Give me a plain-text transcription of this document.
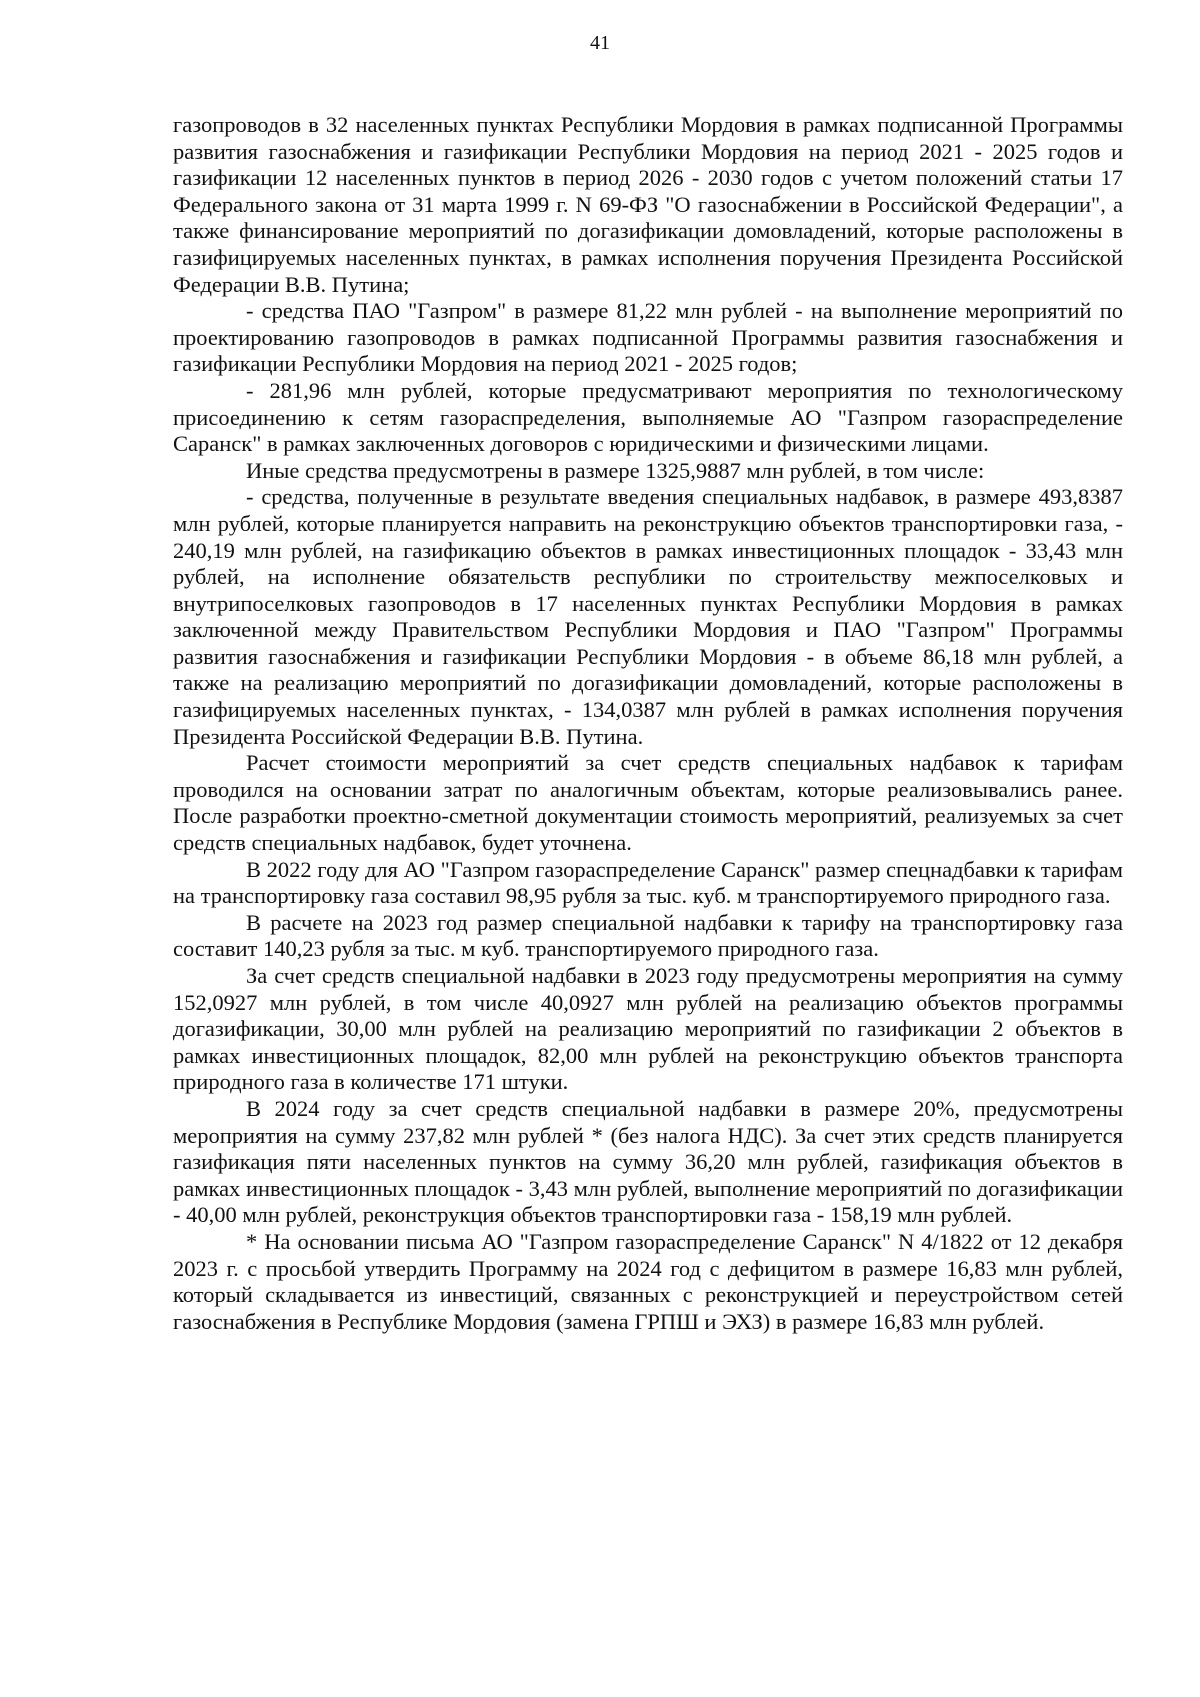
41

газопроводов в 32 населенных пунктах Республики Мордовия в рамках подписанной Программы развития газоснабжения и газификации Республики Мордовия на период 2021 - 2025 годов и газификации 12 населенных пунктов в период 2026 - 2030 годов с учетом положений статьи 17 Федерального закона от 31 марта 1999 г. N 69-ФЗ "О газоснабжении в Российской Федерации", а также финансирование мероприятий по догазификации домовладений, которые расположены в газифицируемых населенных пунктах, в рамках исполнения поручения Президента Российской Федерации В.В. Путина;

- средства ПАО "Газпром" в размере 81,22 млн рублей - на выполнение мероприятий по проектированию газопроводов в рамках подписанной Программы развития газоснабжения и газификации Республики Мордовия на период 2021 - 2025 годов;

- 281,96 млн рублей, которые предусматривают мероприятия по технологическому присоединению к сетям газораспределения, выполняемые АО "Газпром газораспределение Саранск" в рамках заключенных договоров с юридическими и физическими лицами.

Иные средства предусмотрены в размере 1325,9887 млн рублей, в том числе:

- средства, полученные в результате введения специальных надбавок, в размере 493,8387 млн рублей, которые планируется направить на реконструкцию объектов транспортировки газа, - 240,19 млн рублей, на газификацию объектов в рамках инвестиционных площадок - 33,43 млн рублей, на исполнение обязательств республики по строительству межпоселковых и внутрипоселковых газопроводов в 17 населенных пунктах Республики Мордовия в рамках заключенной между Правительством Республики Мордовия и ПАО "Газпром" Программы развития газоснабжения и газификации Республики Мордовия - в объеме 86,18 млн рублей, а также на реализацию мероприятий по догазификации домовладений, которые расположены в газифицируемых населенных пунктах, - 134,0387 млн рублей в рамках исполнения поручения Президента Российской Федерации В.В. Путина.

Расчет стоимости мероприятий за счет средств специальных надбавок к тарифам проводился на основании затрат по аналогичным объектам, которые реализовывались ранее. После разработки проектно-сметной документации стоимость мероприятий, реализуемых за счет средств специальных надбавок, будет уточнена.

В 2022 году для АО "Газпром газораспределение Саранск" размер спецнадбавки к тарифам на транспортировку газа составил 98,95 рубля за тыс. куб. м транспортируемого природного газа.

В расчете на 2023 год размер специальной надбавки к тарифу на транспортировку газа составит 140,23 рубля за тыс. м куб. транспортируемого природного газа.

За счет средств специальной надбавки в 2023 году предусмотрены мероприятия на сумму 152,0927 млн рублей, в том числе 40,0927 млн рублей на реализацию объектов программы догазификации, 30,00 млн рублей на реализацию мероприятий по газификации 2 объектов в рамках инвестиционных площадок, 82,00 млн рублей на реконструкцию объектов транспорта природного газа в количестве 171 штуки.

В 2024 году за счет средств специальной надбавки в размере 20%, предусмотрены мероприятия на сумму 237,82 млн рублей * (без налога НДС). За счет этих средств планируется газификация пяти населенных пунктов на сумму 36,20 млн рублей, газификация объектов в рамках инвестиционных площадок - 3,43 млн рублей, выполнение мероприятий по догазификации - 40,00 млн рублей, реконструкция объектов транспортировки газа - 158,19 млн рублей.

* На основании письма АО "Газпром газораспределение Саранск" N 4/1822 от 12 декабря 2023 г. с просьбой утвердить Программу на 2024 год с дефицитом в размере 16,83 млн рублей, который складывается из инвестиций, связанных с реконструкцией и переустройством сетей газоснабжения в Республике Мордовия (замена ГРПШ и ЭХЗ) в размере 16,83 млн рублей.
